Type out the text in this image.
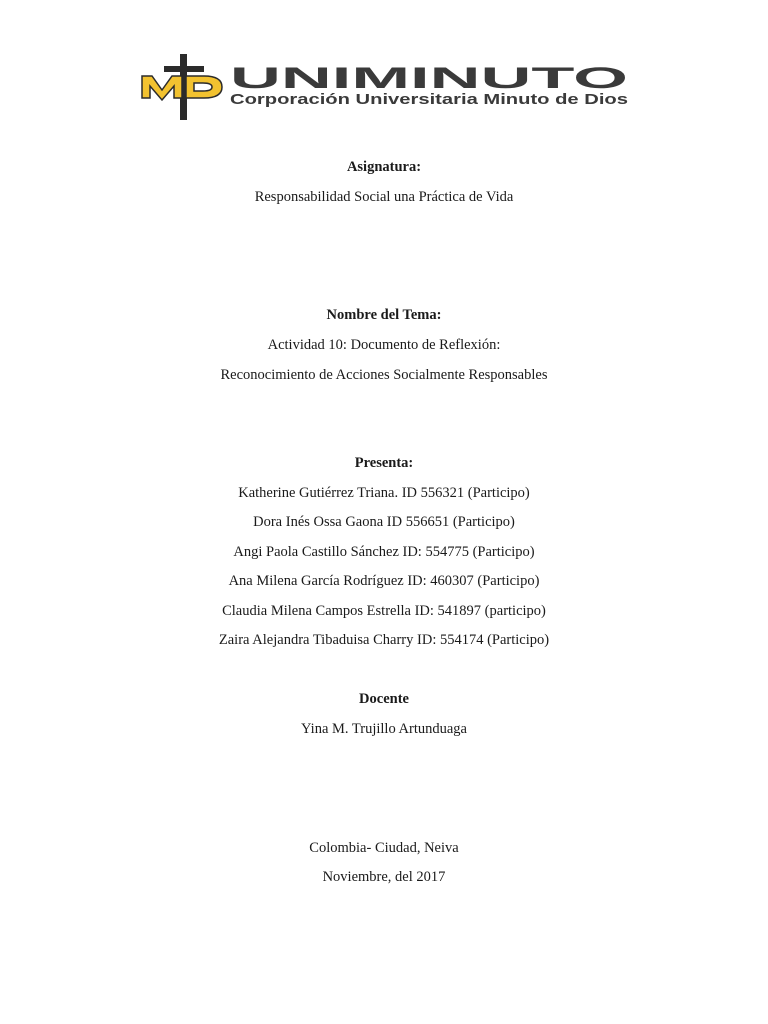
UNIMINUTO
Corporación Universitaria Minuto de Dios
Asignatura:
Responsabilidad Social una Práctica de Vida
Nombre del Tema:
Actividad 10: Documento de Reflexión:
Reconocimiento de Acciones Socialmente Responsables
Presenta:
Katherine Gutiérrez Triana. ID 556321 (Participo)
Dora Inés Ossa Gaona ID 556651 (Participo)
Angi Paola Castillo Sánchez ID: 554775 (Participo)
Ana Milena García Rodríguez ID: 460307 (Participo)
Claudia Milena Campos Estrella ID: 541897 (participo)
Zaira Alejandra Tibaduisa Charry ID: 554174 (Participo)
Docente
Yina M. Trujillo Artunduaga
Colombia- Ciudad, Neiva
Noviembre, del 2017
